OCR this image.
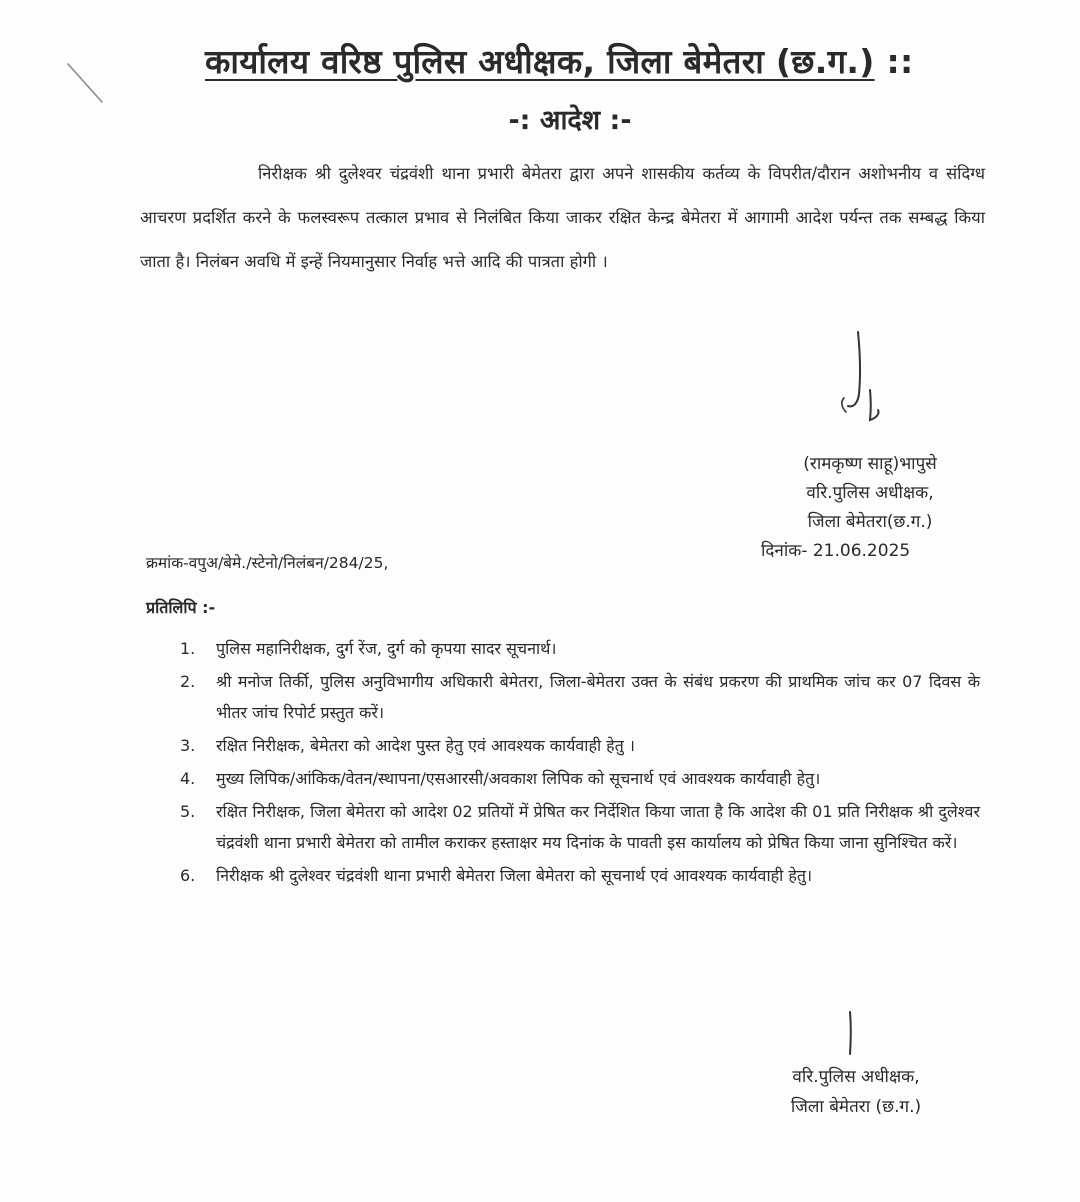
कार्यालय वरिष्ठ पुलिस अधीक्षक, जिला बेमेतरा (छ.ग.) ::
-: आदेश :-

निरीक्षक श्री दुलेश्वर चंद्रवंशी थाना प्रभारी बेमेतरा द्वारा अपने शासकीय कर्तव्य के विपरीत/दौरान अशोभनीय व संदिग्ध आचरण प्रदर्शित करने के फलस्वरूप तत्काल प्रभाव से निलंबित किया जाकर रक्षित केन्द्र बेमेतरा में आगामी आदेश पर्यन्त तक सम्बद्ध किया जाता है। निलंबन अवधि में इन्हें नियमानुसार निर्वाह भत्ते आदि की पात्रता होगी ।

(रामकृष्ण साहू)भापुसे
वरि.पुलिस अधीक्षक,
जिला बेमेतरा(छ.ग.)
क्रमांक-वपुअ/बेमे./स्टेनो/निलंबन/284/25,
दिनांक- 21.06.2025
प्रतिलिपि :-
1.	पुलिस महानिरीक्षक, दुर्ग रेंज, दुर्ग को कृपया सादर सूचनार्थ।
2.	श्री मनोज तिर्की, पुलिस अनुविभागीय अधिकारी बेमेतरा, जिला-बेमेतरा उक्त के संबंध प्रकरण की प्राथमिक जांच कर 07 दिवस के भीतर जांच रिपोर्ट प्रस्तुत करें।
3.	रक्षित निरीक्षक, बेमेतरा को आदेश पुस्त हेतु एवं आवश्यक कार्यवाही हेतु ।
4.	मुख्य लिपिक/आंकिक/वेतन/स्थापना/एसआरसी/अवकाश लिपिक को सूचनार्थ एवं आवश्यक कार्यवाही हेतु।
5.	रक्षित निरीक्षक, जिला बेमेतरा को आदेश 02 प्रतियों में प्रेषित कर निर्देशित किया जाता है कि आदेश की 01 प्रति निरीक्षक श्री दुलेश्वर चंद्रवंशी थाना प्रभारी बेमेतरा को तामील कराकर हस्ताक्षर मय दिनांक के पावती इस कार्यालय को प्रेषित किया जाना सुनिश्चित करें।
6.	निरीक्षक श्री दुलेश्वर चंद्रवंशी थाना प्रभारी बेमेतरा जिला बेमेतरा को सूचनार्थ एवं आवश्यक कार्यवाही हेतु।
वरि.पुलिस अधीक्षक,
जिला बेमेतरा (छ.ग.)
